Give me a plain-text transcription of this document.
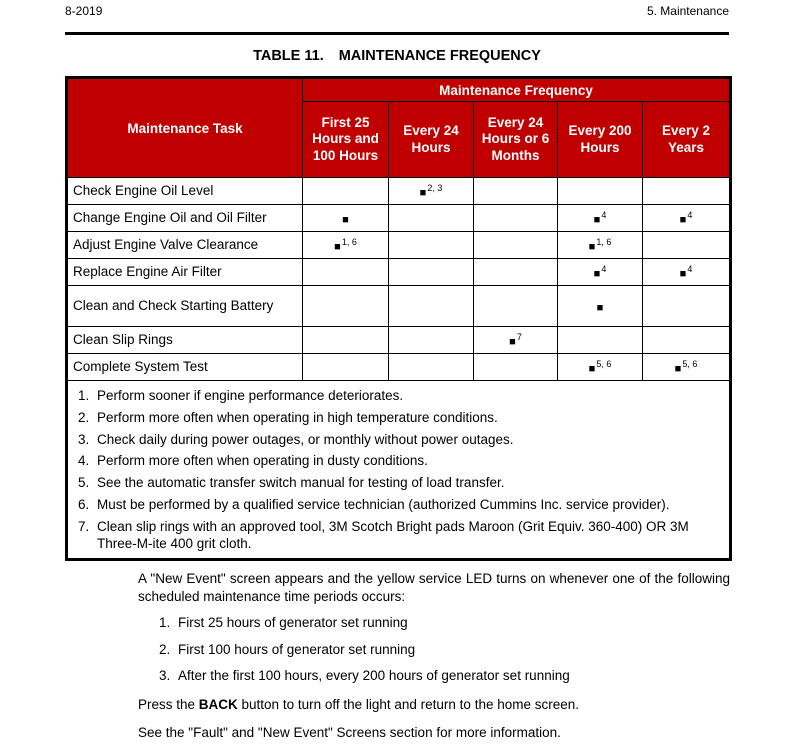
8-2019	5. Maintenance
TABLE 11. MAINTENANCE FREQUENCY
Maintenance Task	Maintenance Frequency				
	First 25 Hours and 100 Hours	Every 24 Hours	Every 24 Hours or 6 Months	Every 200 Hours	Every 2 Years
Check Engine Oil Level		■$^{2, 3}$			
Change Engine Oil and Oil Filter	■			■$^4$	■$^4$
Adjust Engine Valve Clearance	■$^{1, 6}$			■$^{1, 6}$	
Replace Engine Air Filter				■$^4$	■$^4$
Clean and Check Starting Battery				■	
Clean Slip Rings			■$^7$		
Complete System Test				■$^{5, 6}$	■$^{5, 6}$

1. Perform sooner if engine performance deteriorates.
2. Perform more often when operating in high temperature conditions.
3. Check daily during power outages, or monthly without power outages.
4. Perform more often when operating in dusty conditions.
5. See the automatic transfer switch manual for testing of load transfer.
6. Must be performed by a qualified service technician (authorized Cummins Inc. service provider).
7. Clean slip rings with an approved tool, 3M Scotch Bright pads Maroon (Grit Equiv. 360-400) OR 3M Three-M-ite 400 grit cloth.

A "New Event" screen appears and the yellow service LED turns on whenever one of the following scheduled maintenance time periods occurs:

1. First 25 hours of generator set running
2. First 100 hours of generator set running
3. After the first 100 hours, every 200 hours of generator set running

Press the BACK button to turn off the light and return to the home screen.

See the "Fault" and "New Event" Screens section for more information.
